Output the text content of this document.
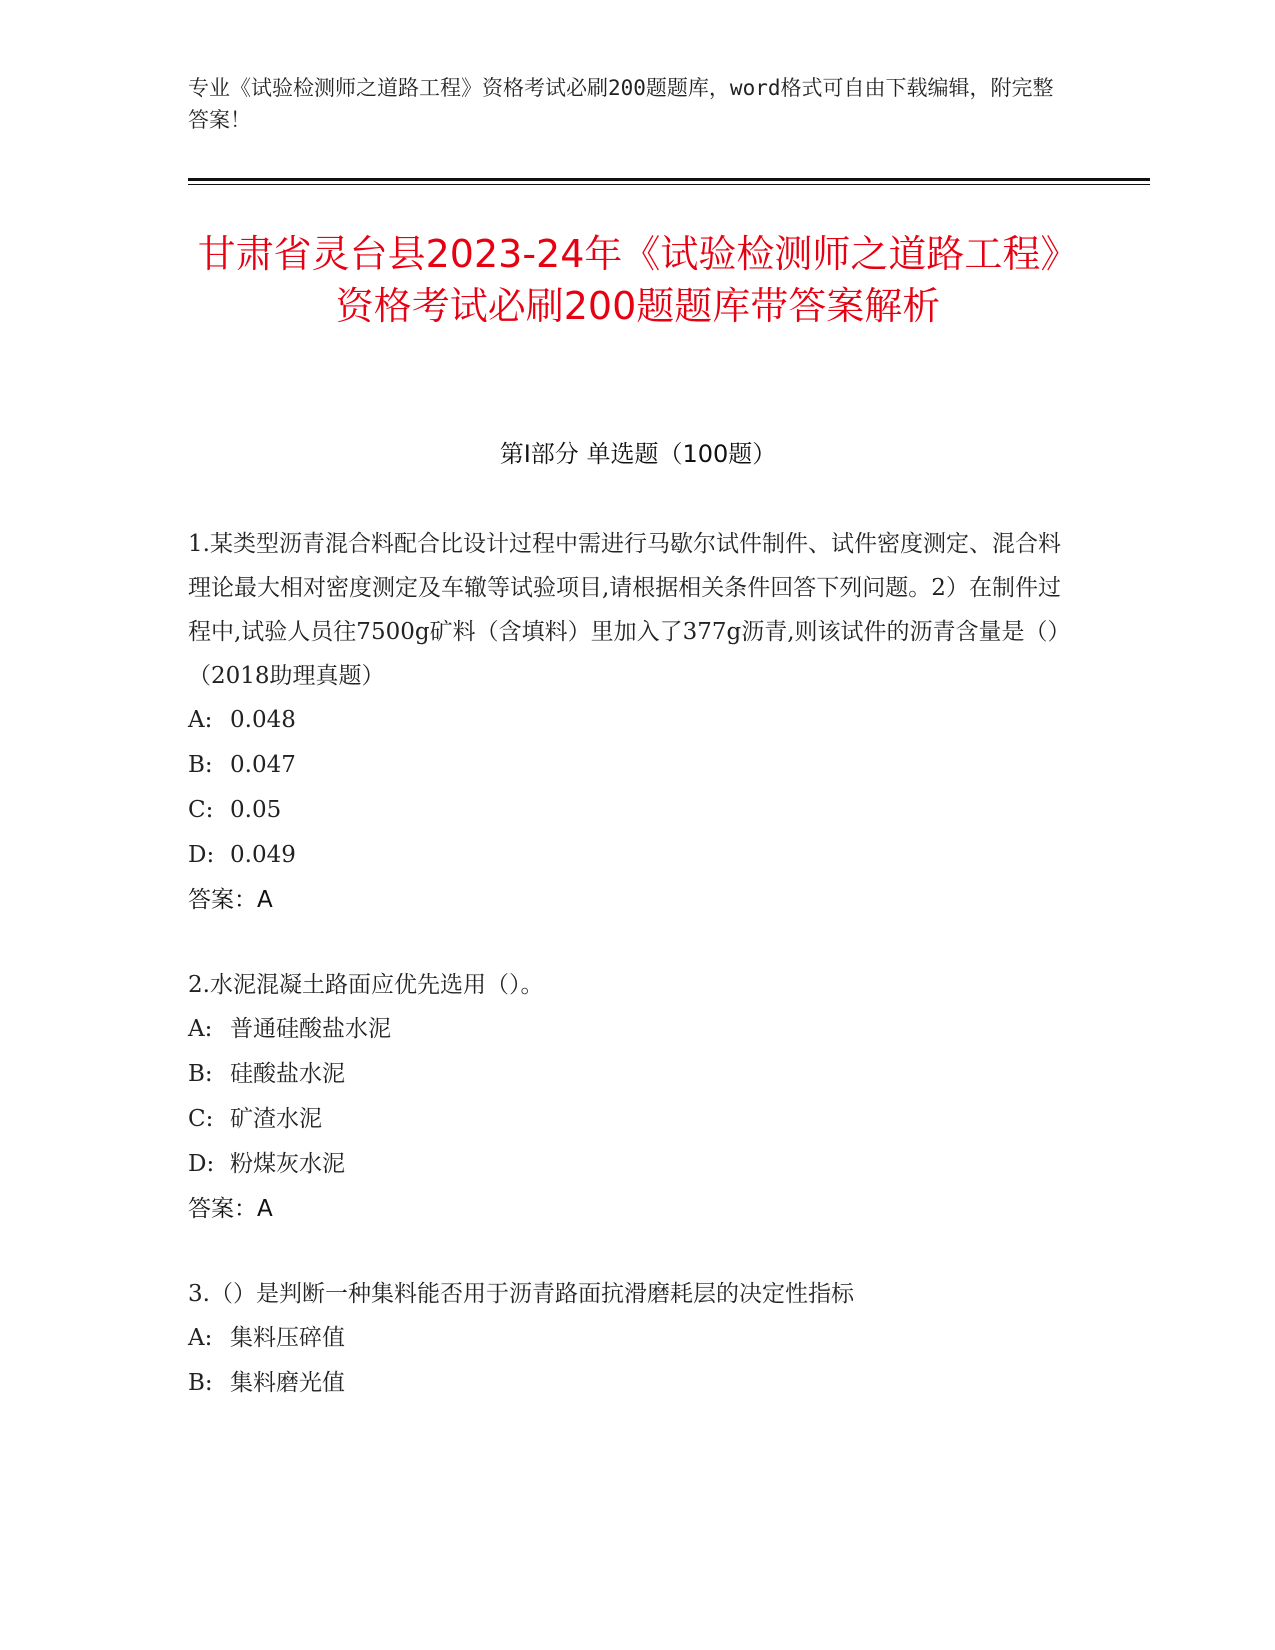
专业《试验检测师之道路工程》资格考试必刷200题题库，word格式可自由下载编辑，附完整答案！
甘肃省灵台县2023-24年《试验检测师之道路工程》资格考试必刷200题题库带答案解析
第I部分 单选题（100题）

1.某类型沥青混合料配合比设计过程中需进行马歇尔试件制件、试件密度测定、混合料理论最大相对密度测定及车辙等试验项目,请根据相关条件回答下列问题。2）在制件过程中,试验人员往7500g矿料（含填料）里加入了377g沥青,则该试件的沥青含量是（）（2018助理真题）

A: 0.048

B: 0.047

C: 0.05

D: 0.049

答案：A

2.水泥混凝土路面应优先选用（）。

A: 普通硅酸盐水泥

B: 硅酸盐水泥

C: 矿渣水泥

D: 粉煤灰水泥

答案：A

3.（）是判断一种集料能否用于沥青路面抗滑磨耗层的决定性指标

A: 集料压碎值

B: 集料磨光值
